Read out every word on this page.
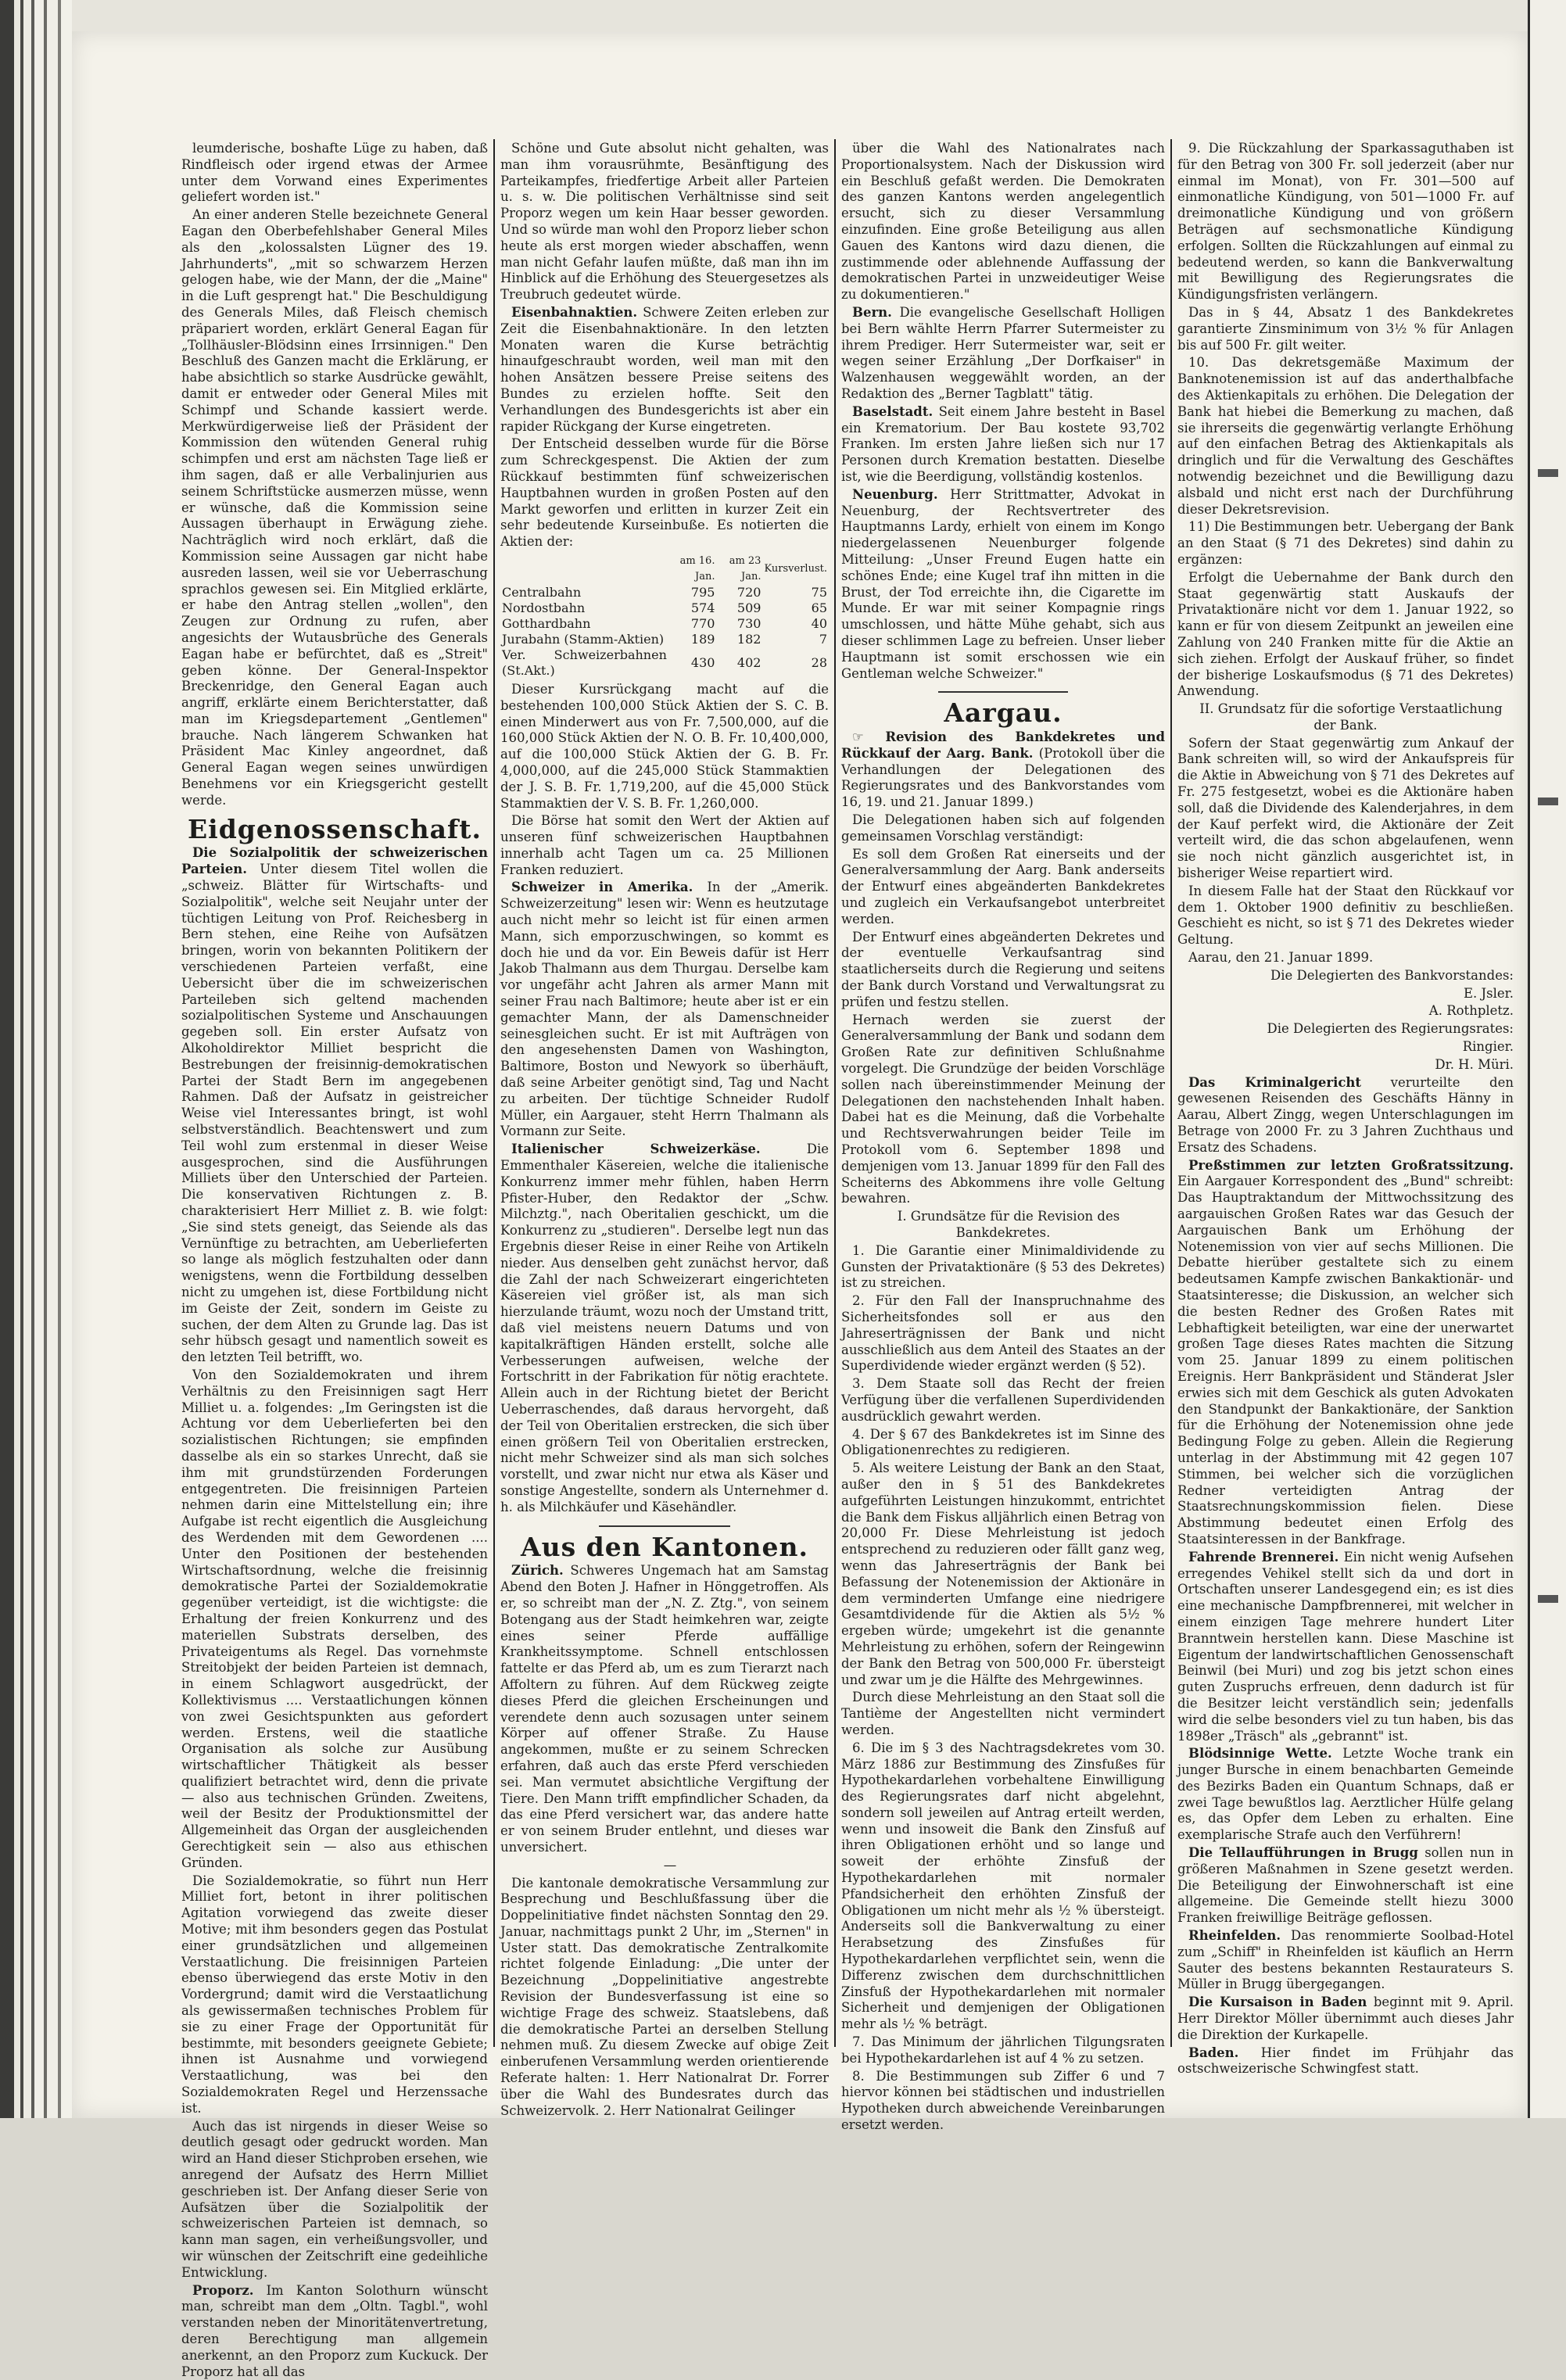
leumderische, boshafte Lüge zu haben, daß Rindfleisch oder irgend etwas der Armee unter dem Vorwand eines Experimentes geliefert worden ist."

An einer anderen Stelle bezeichnete General Eagan den Oberbefehlshaber General Miles als den „kolossalsten Lügner des 19. Jahrhunderts", „mit so schwarzem Herzen gelogen habe, wie der Mann, der die „Maine" in die Luft gesprengt hat." Die Beschuldigung des Generals Miles, daß Fleisch chemisch präpariert worden, erklärt General Eagan für „Tollhäusler-Blödsinn eines Irrsinnigen." Den Beschluß des Ganzen macht die Erklärung, er habe absichtlich so starke Ausdrücke gewählt, damit er entweder oder General Miles mit Schimpf und Schande kassiert werde. Merkwürdigerweise ließ der Präsident der Kommission den wütenden General ruhig schimpfen und erst am nächsten Tage ließ er ihm sagen, daß er alle Verbalinjurien aus seinem Schriftstücke ausmerzen müsse, wenn er wünsche, daß die Kommission seine Aussagen überhaupt in Erwägung ziehe. Nachträglich wird noch erklärt, daß die Kommission seine Aussagen gar nicht habe ausreden lassen, weil sie vor Ueberraschung sprachlos gewesen sei. Ein Mitglied erklärte, er habe den Antrag stellen „wollen", den Zeugen zur Ordnung zu rufen, aber angesichts der Wutausbrüche des Generals Eagan habe er befürchtet, daß es „Streit" geben könne. Der General-Inspektor Breckenridge, den General Eagan auch angriff, erklärte einem Berichterstatter, daß man im Kriegsdepartement „Gentlemen" brauche. Nach längerem Schwanken hat Präsident Mac Kinley angeordnet, daß General Eagan wegen seines unwürdigen Benehmens vor ein Kriegsgericht gestellt werde.

Eidgenossenschaft.

Die Sozialpolitik der schweizerischen Parteien. Unter diesem Titel wollen die „schweiz. Blätter für Wirtschafts- und Sozialpolitik", welche seit Neujahr unter der tüchtigen Leitung von Prof. Reichesberg in Bern stehen, eine Reihe von Aufsätzen bringen, worin von bekannten Politikern der verschiedenen Parteien verfaßt, eine Uebersicht über die im schweizerischen Parteileben sich geltend machenden sozialpolitischen Systeme und Anschauungen gegeben soll. Ein erster Aufsatz von Alkoholdirektor Milliet bespricht die Bestrebungen der freisinnig-demokratischen Partei der Stadt Bern im angegebenen Rahmen. Daß der Aufsatz in geistreicher Weise viel Interessantes bringt, ist wohl selbstverständlich. Beachtenswert und zum Teil wohl zum erstenmal in dieser Weise ausgesprochen, sind die Ausführungen Milliets über den Unterschied der Parteien. Die konservativen Richtungen z. B. charakterisiert Herr Milliet z. B. wie folgt: „Sie sind stets geneigt, das Seiende als das Vernünftige zu betrachten, am Ueberlieferten so lange als möglich festzuhalten oder dann wenigstens, wenn die Fortbildung desselben nicht zu umgehen ist, diese Fortbildung nicht im Geiste der Zeit, sondern im Geiste zu suchen, der dem Alten zu Grunde lag. Das ist sehr hübsch gesagt und namentlich soweit es den letzten Teil betrifft, wo.

Von den Sozialdemokraten und ihrem Verhältnis zu den Freisinnigen sagt Herr Milliet u. a. folgendes: „Im Geringsten ist die Achtung vor dem Ueberlieferten bei den sozialistischen Richtungen; sie empfinden dasselbe als ein so starkes Unrecht, daß sie ihm mit grundstürzenden Forderungen entgegentreten. Die freisinnigen Parteien nehmen darin eine Mittelstellung ein; ihre Aufgabe ist recht eigentlich die Ausgleichung des Werdenden mit dem Gewordenen .... Unter den Positionen der bestehenden Wirtschaftsordnung, welche die freisinnig demokratische Partei der Sozialdemokratie gegenüber verteidigt, ist die wichtigste: die Erhaltung der freien Konkurrenz und des materiellen Substrats derselben, des Privateigentums als Regel. Das vornehmste Streitobjekt der beiden Parteien ist demnach, in einem Schlagwort ausgedrückt, der Kollektivismus .... Verstaatlichungen können von zwei Gesichtspunkten aus gefordert werden. Erstens, weil die staatliche Organisation als solche zur Ausübung wirtschaftlicher Thätigkeit als besser qualifiziert betrachtet wird, denn die private — also aus technischen Gründen. Zweitens, weil der Besitz der Produktionsmittel der Allgemeinheit das Organ der ausgleichenden Gerechtigkeit sein — also aus ethischen Gründen.

Die Sozialdemokratie, so führt nun Herr Milliet fort, betont in ihrer politischen Agitation vorwiegend das zweite dieser Motive; mit ihm besonders gegen das Postulat einer grundsätzlichen und allgemeinen Verstaatlichung. Die freisinnigen Parteien ebenso überwiegend das erste Motiv in den Vordergrund; damit wird die Verstaatlichung als gewissermaßen technisches Problem für sie zu einer Frage der Opportunität für bestimmte, mit besonders geeignete Gebiete; ihnen ist Ausnahme und vorwiegend Verstaatlichung, was bei den Sozialdemokraten Regel und Herzenssache ist.

Auch das ist nirgends in dieser Weise so deutlich gesagt oder gedruckt worden. Man wird an Hand dieser Stichproben ersehen, wie anregend der Aufsatz des Herrn Milliet geschrieben ist. Der Anfang dieser Serie von Aufsätzen über die Sozialpolitik der schweizerischen Parteien ist demnach, so kann man sagen, ein verheißungsvoller, und wir wünschen der Zeitschrift eine gedeihliche Entwicklung.

Proporz. Im Kanton Solothurn wünscht man, schreibt man dem „Oltn. Tagbl.", wohl verstanden neben der Minoritätenvertretung, deren Berechtigung man allgemein anerkennt, an den Proporz zum Kuckuck. Der Proporz hat all das

Schöne und Gute absolut nicht gehalten, was man ihm vorausrühmte, Besänftigung des Parteikampfes, friedfertige Arbeit aller Parteien u. s. w. Die politischen Verhältnisse sind seit Proporz wegen um kein Haar besser geworden. Und so würde man wohl den Proporz lieber schon heute als erst morgen wieder abschaffen, wenn man nicht Gefahr laufen müßte, daß man ihn im Hinblick auf die Erhöhung des Steuergesetzes als Treubruch gedeutet würde.

Eisenbahnaktien. Schwere Zeiten erleben zur Zeit die Eisenbahnaktionäre. In den letzten Monaten waren die Kurse beträchtig hinaufgeschraubt worden, weil man mit den hohen Ansätzen bessere Preise seitens des Bundes zu erzielen hoffte. Seit den Verhandlungen des Bundesgerichts ist aber ein rapider Rückgang der Kurse eingetreten.

Der Entscheid desselben wurde für die Börse zum Schreckgespenst. Die Aktien der zum Rückkauf bestimmten fünf schweizerischen Hauptbahnen wurden in großen Posten auf den Markt geworfen und erlitten in kurzer Zeit ein sehr bedeutende Kurseinbuße. Es notierten die Aktien der:

	am 16. Jan.	am 23 Jan.	Kursverlust.
Centralbahn	795	720	75
Nordostbahn	574	509	65
Gotthardbahn	770	730	40
Jurabahn (Stamm-Aktien)	189	182	7
Ver. Schweizerbahnen (St.Akt.)	430	402	28

Dieser Kursrückgang macht auf die bestehenden 100,000 Stück Aktien der S. C. B. einen Minderwert aus von Fr. 7,500,000, auf die 160,000 Stück Aktien der N. O. B. Fr. 10,400,000, auf die 100,000 Stück Aktien der G. B. Fr. 4,000,000, auf die 245,000 Stück Stammaktien der J. S. B. Fr. 1,719,200, auf die 45,000 Stück Stammaktien der V. S. B. Fr. 1,260,000.

Die Börse hat somit den Wert der Aktien auf unseren fünf schweizerischen Hauptbahnen innerhalb acht Tagen um ca. 25 Millionen Franken reduziert.

Schweizer in Amerika. In der „Amerik. Schweizerzeitung" lesen wir: Wenn es heutzutage auch nicht mehr so leicht ist für einen armen Mann, sich emporzuschwingen, so kommt es doch hie und da vor. Ein Beweis dafür ist Herr Jakob Thalmann aus dem Thurgau. Derselbe kam vor ungefähr acht Jahren als armer Mann mit seiner Frau nach Baltimore; heute aber ist er ein gemachter Mann, der als Damenschneider seinesgleichen sucht. Er ist mit Aufträgen von den angesehensten Damen von Washington, Baltimore, Boston und Newyork so überhäuft, daß seine Arbeiter genötigt sind, Tag und Nacht zu arbeiten. Der tüchtige Schneider Rudolf Müller, ein Aargauer, steht Herrn Thalmann als Vormann zur Seite.

Italienischer Schweizerkäse.	Die Emmenthaler Käsereien, welche die italienische Konkurrenz immer mehr fühlen, haben Herrn Pfister-Huber, den Redaktor der „Schw. Milchztg.", nach Oberitalien geschickt, um die Konkurrenz zu „studieren". Derselbe legt nun das Ergebnis dieser Reise in einer Reihe von Artikeln nieder. Aus denselben geht zunächst hervor, daß die Zahl der nach Schweizerart eingerichteten Käsereien viel größer ist, als man sich hierzulande träumt, wozu noch der Umstand tritt, daß viel meistens neuern Datums und von kapitalkräftigen Händen erstellt, solche alle Verbesserungen aufweisen, welche der Fortschritt in der Fabrikation für nötig erachtete. Allein auch in der Richtung bietet der Bericht Ueberraschendes, daß daraus hervorgeht, daß der Teil von Oberitalien erstrecken, die sich über einen größern Teil von Oberitalien erstrecken, nicht mehr Schweizer sind als man sich solches vorstellt, und zwar nicht nur etwa als Käser und sonstige Angestellte, sondern als Unternehmer d. h. als Milchkäufer und Käsehändler.

Aus den Kantonen.

Zürich. Schweres Ungemach hat am Samstag Abend den Boten J. Hafner in Hönggetroffen. Als er, so schreibt man der „N. Z. Ztg.", von seinem Botengang aus der Stadt heimkehren war, zeigte eines seiner Pferde auffällige Krankheitssymptome. Schnell entschlossen fattelte er das Pferd ab, um es zum Tierarzt nach Affoltern zu führen. Auf dem Rückweg zeigte dieses Pferd die gleichen Erscheinungen und verendete denn auch sozusagen unter seinem Körper auf offener Straße. Zu Hause angekommen, mußte er zu seinem Schrecken erfahren, daß auch das erste Pferd verschieden sei. Man vermutet absichtliche Vergiftung der Tiere. Den Mann trifft empfindlicher Schaden, da das eine Pferd versichert war, das andere hatte er von seinem Bruder entlehnt, und dieses war unversichert.

—

Die kantonale demokratische Versammlung zur Besprechung und Beschlußfassung über die Doppelinitiative findet nächsten Sonntag den 29. Januar, nachmittags punkt 2 Uhr, im „Sternen" in Uster statt. Das demokratische Zentralkomite richtet folgende Einladung: „Die unter der Bezeichnung „Doppelinitiative angestrebte Revision der Bundesverfassung ist eine so wichtige Frage des schweiz. Staatslebens, daß die demokratische Partei an derselben Stellung nehmen muß. Zu diesem Zwecke auf obige Zeit einberufenen Versammlung werden orientierende Referate halten: 1. Herr Nationalrat Dr. Forrer über die Wahl des Bundesrates durch das Schweizervolk. 2. Herr Nationalrat Geilinger

über die Wahl des Nationalrates nach Proportionalsystem. Nach der Diskussion wird ein Beschluß gefaßt werden. Die Demokraten des ganzen Kantons werden angelegentlich ersucht, sich zu dieser Versammlung einzufinden. Eine große Beteiligung aus allen Gauen des Kantons wird dazu dienen, die zustimmende oder ablehnende Auffassung der demokratischen Partei in unzweideutiger Weise zu dokumentieren."

Bern. Die evangelische Gesellschaft Holligen bei Bern wählte Herrn Pfarrer Sutermeister zu ihrem Prediger. Herr Sutermeister war, seit er wegen seiner Erzählung „Der Dorfkaiser" in Walzenhausen weggewählt worden, an der Redaktion des „Berner Tagblatt" tätig.

Baselstadt. Seit einem Jahre besteht in Basel ein Krematorium. Der Bau kostete 93,702 Franken. Im ersten Jahre ließen sich nur 17 Personen durch Kremation bestatten. Dieselbe ist, wie die Beerdigung, vollständig kostenlos.

Neuenburg. Herr Strittmatter, Advokat in Neuenburg, der Rechtsvertreter des Hauptmanns Lardy, erhielt von einem im Kongo niedergelassenen Neuenburger folgende Mitteilung: „Unser Freund Eugen hatte ein schönes Ende; eine Kugel traf ihn mitten in die Brust, der Tod erreichte ihn, die Cigarette im Munde. Er war mit seiner Kompagnie rings umschlossen, und hätte Mühe gehabt, sich aus dieser schlimmen Lage zu befreien. Unser lieber Hauptmann ist somit erschossen wie ein Gentleman welche Schweizer."

Aargau.

☞ Revision des Bankdekretes und Rückkauf der Aarg. Bank. (Protokoll über die Verhandlungen der Delegationen des Regierungsrates und des Bankvorstandes vom 16, 19. und 21. Januar 1899.)

Die Delegationen haben sich auf folgenden gemeinsamen Vorschlag verständigt:

Es soll dem Großen Rat einerseits und der Generalversammlung der Aarg. Bank anderseits der Entwurf eines abgeänderten Bankdekretes und zugleich ein Verkaufsangebot unterbreitet werden.

Der Entwurf eines abgeänderten Dekretes und der eventuelle Verkaufsantrag sind staatlicherseits durch die Regierung und seitens der Bank durch Vorstand und Verwaltungsrat zu prüfen und festzu stellen.

Hernach werden sie zuerst der Generalversammlung der Bank und sodann dem Großen Rate zur definitiven Schlußnahme vorgelegt. Die Grundzüge der beiden Vorschläge sollen nach übereinstimmender Meinung der Delegationen den nachstehenden Inhalt haben. Dabei hat es die Meinung, daß die Vorbehalte und Rechtsverwahrungen beider Teile im Protokoll vom 6. September 1898 und demjenigen vom 13. Januar 1899 für den Fall des Scheiterns des Abkommens ihre volle Geltung bewahren.

I. Grundsätze für die Revision des Bankdekretes.

1. Die Garantie einer Minimaldividende zu Gunsten der Privataktionäre (§ 53 des Dekretes) ist zu streichen.

2. Für den Fall der Inanspruchnahme des Sicherheitsfondes soll er aus den Jahreserträgnissen der Bank und nicht ausschließlich aus dem Anteil des Staates an der Superdividende wieder ergänzt werden (§ 52).

3. Dem Staate soll das Recht der freien Verfügung über die verfallenen Superdividenden ausdrücklich gewahrt werden.

4. Der § 67 des Bankdekretes ist im Sinne des Obligationenrechtes zu redigieren.

5. Als weitere Leistung der Bank an den Staat, außer den in § 51 des Bankdekretes aufgeführten Leistungen hinzukommt, entrichtet die Bank dem Fiskus alljährlich einen Betrag von 20,000 Fr. Diese Mehrleistung ist jedoch entsprechend zu reduzieren oder fällt ganz weg, wenn das Jahreserträgnis der Bank bei Befassung der Notenemission der Aktionäre in dem verminderten Umfange eine niedrigere Gesamtdividende für die Aktien als 5½ % ergeben würde; umgekehrt ist die genannte Mehrleistung zu erhöhen, sofern der Reingewinn der Bank den Betrag von 500,000 Fr. übersteigt und zwar um je die Hälfte des Mehrgewinnes.

Durch diese Mehrleistung an den Staat soll die Tantième der Angestellten nicht vermindert werden.

6. Die im § 3 des Nachtragsdekretes vom 30. März 1886 zur Bestimmung des Zinsfußes für Hypothekardarlehen vorbehaltene Einwilligung des Regierungsrates darf nicht abgelehnt, sondern soll jeweilen auf Antrag erteilt werden, wenn und insoweit die Bank den Zinsfuß auf ihren Obligationen erhöht und so lange und soweit der erhöhte Zinsfuß der Hypothekardarlehen mit normaler Pfandsicherheit den erhöhten Zinsfuß der Obligationen um nicht mehr als ½ % übersteigt. Anderseits soll die Bankverwaltung zu einer Herabsetzung des Zinsfußes für Hypothekardarlehen verpflichtet sein, wenn die Differenz zwischen dem durchschnittlichen Zinsfuß der Hypothekardarlehen mit normaler Sicherheit und demjenigen der Obligationen mehr als ½ % beträgt.

7. Das Minimum der jährlichen Tilgungsraten bei Hypothekardarlehen ist auf 4 % zu setzen.

8. Die Bestimmungen sub Ziffer 6 und 7 hiervor können bei städtischen und industriellen Hypotheken durch abweichende Vereinbarungen ersetzt werden.

9. Die Rückzahlung der Sparkassaguthaben ist für den Betrag von 300 Fr. soll jederzeit (aber nur einmal im Monat), von Fr. 301—500 auf einmonatliche Kündigung, von 501—1000 Fr. auf dreimonatliche Kündigung und von größern Beträgen auf sechsmonatliche Kündigung erfolgen. Sollten die Rückzahlungen auf einmal zu bedeutend werden, so kann die Bankverwaltung mit Bewilligung des Regierungsrates die Kündigungsfristen verlängern.

Das in § 44, Absatz 1 des Bankdekretes garantierte Zinsminimum von 3½ % für Anlagen bis auf 500 Fr. gilt weiter.

10. Das dekretsgemäße Maximum der Banknotenemission ist auf das anderthalbfache des Aktienkapitals zu erhöhen. Die Delegation der Bank hat hiebei die Bemerkung zu machen, daß sie ihrerseits die gegenwärtig verlangte Erhöhung auf den einfachen Betrag des Aktienkapitals als dringlich und für die Verwaltung des Geschäftes notwendig bezeichnet und die Bewilligung dazu alsbald und nicht erst nach der Durchführung dieser Dekretsrevision.

11) Die Bestimmungen betr. Uebergang der Bank an den Staat (§ 71 des Dekretes) sind dahin zu ergänzen:

Erfolgt die Uebernahme der Bank durch den Staat gegenwärtig statt Auskaufs der Privataktionäre nicht vor dem 1. Januar 1922, so kann er für von diesem Zeitpunkt an jeweilen eine Zahlung von 240 Franken mitte für die Aktie an sich ziehen. Erfolgt der Auskauf früher, so findet der bisherige Loskaufsmodus (§ 71 des Dekretes) Anwendung.

II. Grundsatz für die sofortige Verstaatlichung der Bank.

Sofern der Staat gegenwärtig zum Ankauf der Bank schreiten will, so wird der Ankaufspreis für die Aktie in Abweichung von § 71 des Dekretes auf Fr. 275 festgesetzt, wobei es die Aktionäre haben soll, daß die Dividende des Kalenderjahres, in dem der Kauf perfekt wird, die Aktionäre der Zeit verteilt wird, die das schon abgelaufenen, wenn sie noch nicht gänzlich ausgerichtet ist, in bisheriger Weise repartiert wird.

In diesem Falle hat der Staat den Rückkauf vor dem 1. Oktober 1900 definitiv zu beschließen. Geschieht es nicht, so ist § 71 des Dekretes wieder Geltung.

Aarau, den 21. Januar 1899.

Die Delegierten des Bankvorstandes:

E. Jsler.

A. Rothpletz.

Die Delegierten des Regierungsrates:

Ringier.

Dr. H. Müri.

Das Kriminalgericht verurteilte den gewesenen Reisenden des Geschäfts Hänny in Aarau, Albert Zingg, wegen Unterschlagungen im Betrage von 2000 Fr. zu 3 Jahren Zuchthaus und Ersatz des Schadens.

Preßstimmen zur letzten Großratssitzung. Ein Aargauer Korrespondent des „Bund" schreibt: Das Hauptraktandum der Mittwochssitzung des aargauischen Großen Rates war das Gesuch der Aargauischen Bank um Erhöhung der Notenemission von vier auf sechs Millionen. Die Debatte hierüber gestaltete sich zu einem bedeutsamen Kampfe zwischen Bankaktionär- und Staatsinteresse; die Diskussion, an welcher sich die besten Redner des Großen Rates mit Lebhaftigkeit beteiligten, war eine der unerwartet großen Tage dieses Rates machten die Sitzung vom 25. Januar 1899 zu einem politischen Ereignis. Herr Bankpräsident und Ständerat Jsler erwies sich mit dem Geschick als guten Advokaten den Standpunkt der Bankaktionäre, der Sanktion für die Erhöhung der Notenemission ohne jede Bedingung Folge zu geben. Allein die Regierung unterlag in der Abstimmung mit 42 gegen 107 Stimmen, bei welcher sich die vorzüglichen Redner verteidigten Antrag der Staatsrechnungskommission fielen. Diese Abstimmung bedeutet einen Erfolg des Staatsinteressen in der Bankfrage.

Fahrende Brennerei. Ein nicht wenig Aufsehen erregendes Vehikel stellt sich da und dort in Ortschaften unserer Landesgegend ein; es ist dies eine mechanische Dampfbrennerei, mit welcher in einem einzigen Tage mehrere hundert Liter Branntwein herstellen kann. Diese Maschine ist Eigentum der landwirtschaftlichen Genossenschaft Beinwil (bei Muri) und zog bis jetzt schon eines guten Zuspruchs erfreuen, denn dadurch ist für die Besitzer leicht verständlich sein; jedenfalls wird die selbe besonders viel zu tun haben, bis das 1898er „Träsch" als „gebrannt" ist.

Blödsinnige Wette. Letzte Woche trank ein junger Bursche in einem benachbarten Gemeinde des Bezirks Baden ein Quantum Schnaps, daß er zwei Tage bewußtlos lag. Aerztlicher Hülfe gelang es, das Opfer dem Leben zu erhalten. Eine exemplarische Strafe auch den Verführern!

Die Tellaufführungen in Brugg sollen nun in größeren Maßnahmen in Szene gesetzt werden. Die Beteiligung der Einwohnerschaft ist eine allgemeine. Die Gemeinde stellt hiezu 3000 Franken freiwillige Beiträge geflossen.

Rheinfelden. Das renommierte Soolbad-Hotel zum „Schiff" in Rheinfelden ist käuflich an Herrn Sauter des bestens bekannten Restaurateurs S. Müller in Brugg übergegangen.

Die Kursaison in Baden beginnt mit 9. April. Herr Direktor Möller übernimmt auch dieses Jahr die Direktion der Kurkapelle.

Baden. Hier findet im Frühjahr das ostschweizerische Schwingfest statt.
